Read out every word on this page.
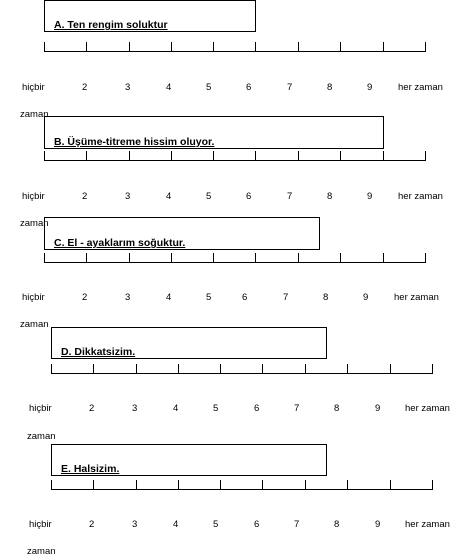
A. Ten rengim soluktur
hiçbir
zaman
2	3	4	5	6	7	8	9	her zaman
B. Üşüme-titreme hissim oluyor.
hiçbir
zaman
2	3	4	5	6	7	8	9	her zaman
C. El - ayaklarım soğuktur.
hiçbir
zaman
2	3	4	5	6	7	8	9	her zaman
D. Dikkatsizim.
hiçbir
zaman
2	3	4	5	6	7	8	9	her zaman
E. Halsizim.
hiçbir
zaman
2	3	4	5	6	7	8	9	her zaman
